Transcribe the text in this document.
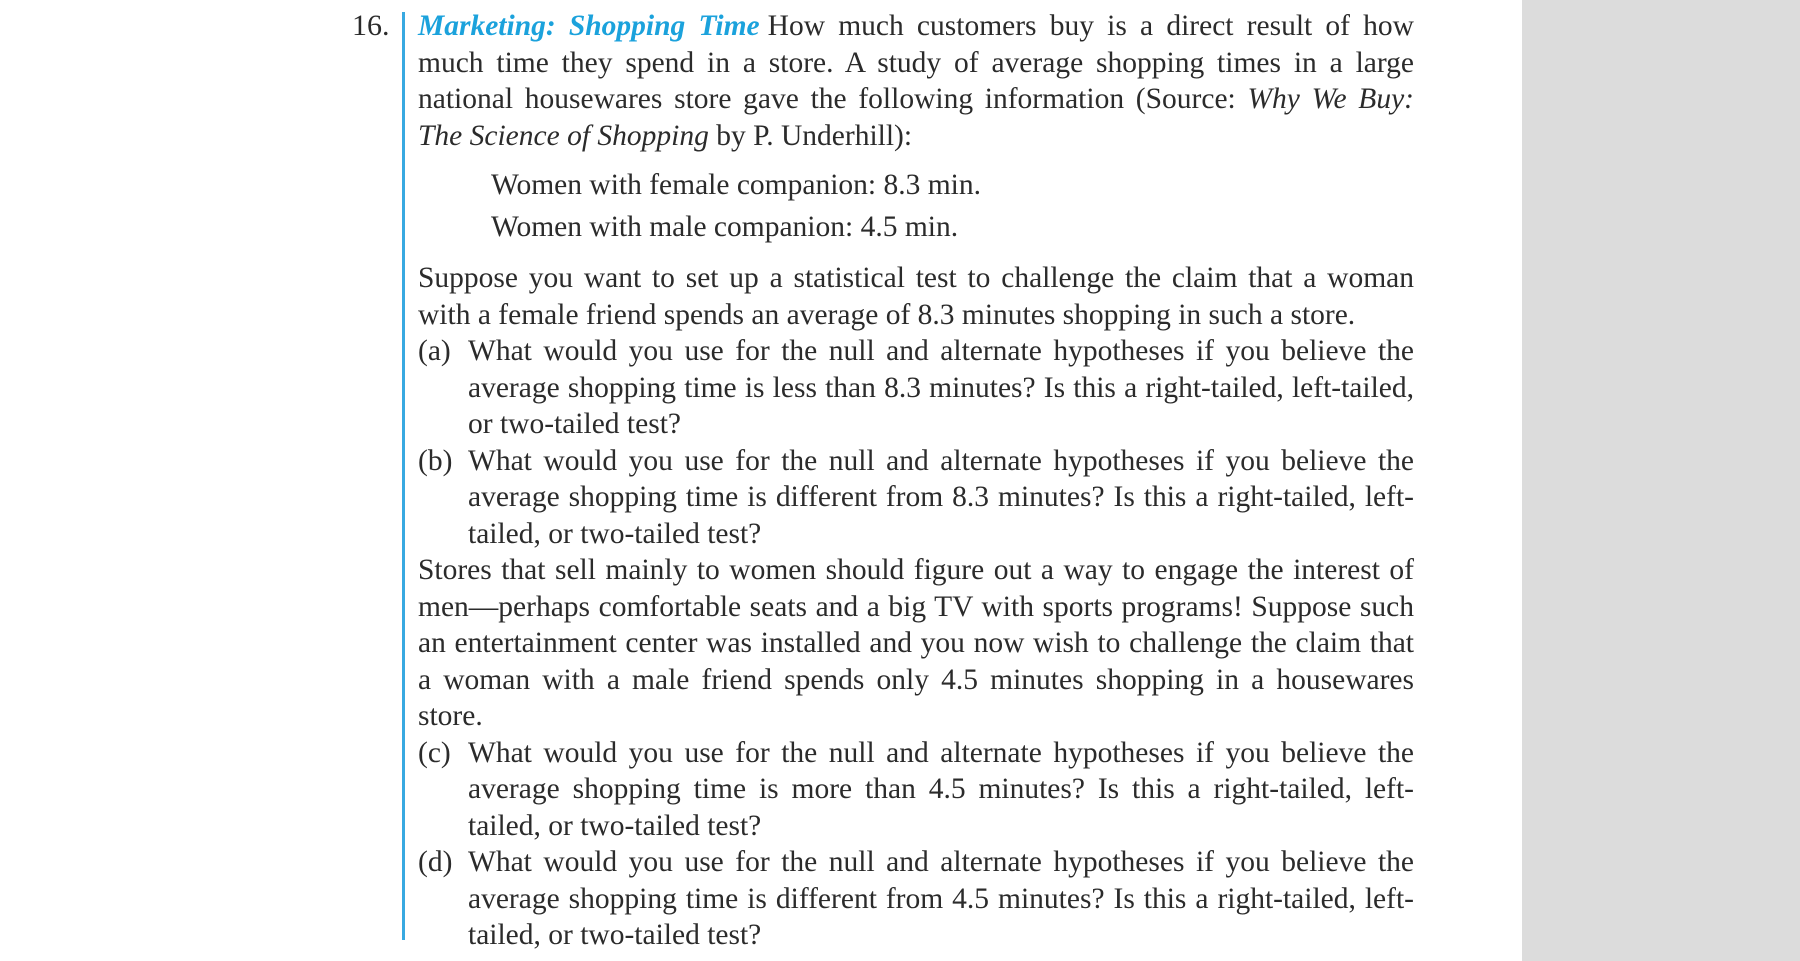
16. Marketing: Shopping Time How much customers buy is a direct result of how much time they spend in a store. A study of average shopping times in a large national housewares store gave the following information (Source: Why We Buy: The Science of Shopping by P. Underhill):

Women with female companion: 8.3 min.
Women with male companion: 4.5 min.

Suppose you want to set up a statistical test to challenge the claim that a woman with a female friend spends an average of 8.3 minutes shopping in such a store.

(a) What would you use for the null and alternate hypotheses if you believe the average shopping time is less than 8.3 minutes? Is this a right-tailed, left-tailed, or two-tailed test?
(b) What would you use for the null and alternate hypotheses if you believe the average shopping time is different from 8.3 minutes? Is this a right-tailed, left-tailed, or two-tailed test?

Stores that sell mainly to women should figure out a way to engage the interest of men—perhaps comfortable seats and a big TV with sports programs! Suppose such an entertainment center was installed and you now wish to challenge the claim that a woman with a male friend spends only 4.5 minutes shopping in a housewares store.

(c) What would you use for the null and alternate hypotheses if you believe the average shopping time is more than 4.5 minutes? Is this a right-tailed, left-tailed, or two-tailed test?
(d) What would you use for the null and alternate hypotheses if you believe the average shopping time is different from 4.5 minutes? Is this a right-tailed, left-tailed, or two-tailed test?
